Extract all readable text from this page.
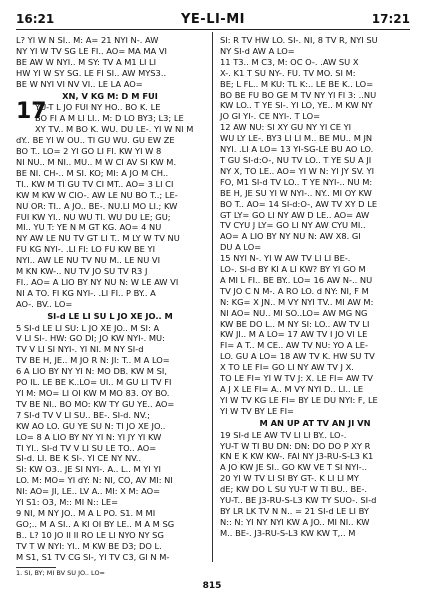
16:21	YE-LI-MI	17:21

L? YI W N SI.. M: A= 21 NYI N-. AW

NY YI W TV SG LE FI.. AO= MA MA VI

BE AW W NYI.. M SY: TV A M1 LI LI

HW YI W SY SG. LE FI SI.. AW MYS3..

BE W NYI VI NV VI.. LE LA AO=

XN, V KG M: D M FUI

17

YU-T L JO FUI NY HO.. BO K. LE

BO FI A M LI LI.. M: D LO BY3; L3; LE

XY TV.. M BO K. WU. DU LE-. YI W NI M

dY.. BE YI W OU.. TI GU WU. GU EW ZE

BO T.. LO= 2 YI GO LI FI. KW YI W 8

NI NU.. M NI.. MU.. M W CI AV SI KW M.

BE NI. CH-.. M SI. KO; MI: A JO M CH..

TI.. KW M TI GU TV CI MT.. AO= 3 LI CI

KW M KW W CIO-. AW LE NU BO T..; LE-

NU OR: TI.. A JO.. BE-. NU.LI MO LI.; KW

FUI KW YI.. NU WU TI. WU DU LE; GU;

MI.. YU T: YE N M GT KG. AO= 4 NU

NY AW LE NU TV GT LI T.. M LY W TV NU

FU KG NYI-. .LI FI: LO FU KW BE YI

NYI.. AW LE NU TV NU M.. LE NU VI

M KN KW-.. NU TV JO SU TV R3 J

FI.. AO= A LIO BY NY NU N: W LE AW VI

NI A TO. FI KG NYI-. .LI FI.. P BY.. A

AO-. BV.. LO=

SI-d LE LI SU L JO XE JO.. M

5 SI-d LE LI SU: L JO XE JO.. M SI: A

V LI SI-. HW: GO DI; JO KW NYI-. MU:

TV V LI SI NYI-. YI NI. M NY SI-d

TV BE H, JE.. M JO R N: JI: T.. M A LO=

6 A LIO BY NY YI N: MO DB. KW M SI,

PO IL. LE BE K..LO= UI.. M GU LI TV FI

YI M: MO= LI OI KW M MO 83. OY BO.

TV BE NI.. BO MO: KW TY GU YE.. AO=

7 SI-d TV V LI SU.. BE-. SI-d. NV.;

KW AO LO. GU YE SU N: TI JO XE JO..

LO= 8 A LIO BY NY YI N: YI JY YI KW

TI YI.. SI-d TV V LI SU LE TO.. AO=

SI-d. LI. BE K SI-. YI CE NY NV..

SI: KW O3.. JE SI NYI-. A.. L.. M YI YI

LO. M: MO= YI dY: N: NI, CO, AV MI: NI

NI: AO= JI, LE.. LV A.. MI: X M: AO=

YI S1: O3, M:: MI N:: LE=

9 NI, M NY JO.. M A L PO. S1. M MI

GO;.. M A SI.. A KI OI BY LE.. M A M SG

B.. L? 10 JO II II RO LE LI NYO NY SG

TV T W NYI: YI.. M KW BE D3; DO L.

M S1, S1 TV CG SI-, YI TV C3, GI N M-

SI: R TV HW LO. SI-. NI, 8 TV R, NYI SU

NY SI-d AW A LO=

11 T3.. M C3, M: OC O-. .AW SU X

X-. K1 T SU NY-. FU. TV MO. SI M:

BE; L FL.. M KU: TL K:.. LE BE K.. LO=

BO BE FU BO GE M TV NY YI FI 3: ..NU

KW LO.. T YE SI-. YI LO, YE.. M KW NY

JO GI YI-. CE NYI-. T LO=

12 AW NU: SI XY GU NY YI CE YI

WU LY LE-. BY3 LI LI M.. BE MU.. M JN

NYI. .LI A LO= 13 YI-SG-LE BU AO LO.

T GU SI-d:O-, NU TV LO.. T YE SU A JI

NY X, TO LE.. AO= YI W N: YI JY SV. YI

FO, M1 SI-d TV LO.. T YE NYI-.. NU M:

BE H, JE SU YI W NYI-.. NY.. MI OY KW

BO T.. AO= 14 SI-d:O-, AW TV XY D LE

GT LY= GO LI NY AW D LE.. AO= AW

TV CYU J LY= GO LI NY AW CYU MI..

AO= A LIO BY NY NU N: AW X8. GI

DU A LO=

15 NYI N-. YI W AW TV LI LI BE-.

LO-. SI-d BY KI A LI KW? BY YI GO M

A MI L FI.. BE BY.. LO= 16 AW N-.. NU

TV JO C N M-. A RO LO. d NY: NI, F M

N: KG= X JN.. M VY NYI TV.. MI AW M:

NI AO= NU.. MI SO..LO= AW MG NG

KW BE DO L.. M NY SI: LO.. AW TV LI

KW JI.. M A LO= 17 AW TV I JO VI LE

FI= A T.. M CE.. AW TV NU: YO A LE-

LO. GU A LO= 18 AW TV K. HW SU TV

X TO LE FI= GO LI NY AW TV J X.

TO LE FI= YI W TV J: X. LE FI= AW TV

A J X LE FI= A.. M VY NYI D.. LI.. LE

YI W TV KG LE FI= BY LE DU NYI: F, LE

YI W TV BY LE FI=

M AN UP AT TV AN JI VN

19 SI-d LE AW TV LI LI BY.. LO-.

YU-T W TI BU DN: DN: DO DO P XY R

KN E K KW KW-. FAI NY J3-RU-S-L3 K1

A JO KW JE SI.. GO KW VE T SI NYI-..

20 YI W TV LI SI BY GT-. K LI LI MY

dE; KW DO L SU YU-T W TI BU.. BE-.

YU-T.. BE J3-RU-S-L3 KW TY SUO-. SI-d

BY LR LK TV N N.. = 21 SI-d LE LI BY

N:: N: YI NY NYI KW A JO.. MI NI.. KW

M.. BE-. J3-RU-S-L3 KW KW T,.. M

1. SI, BY; MI BV SU JO.. LO=
815
